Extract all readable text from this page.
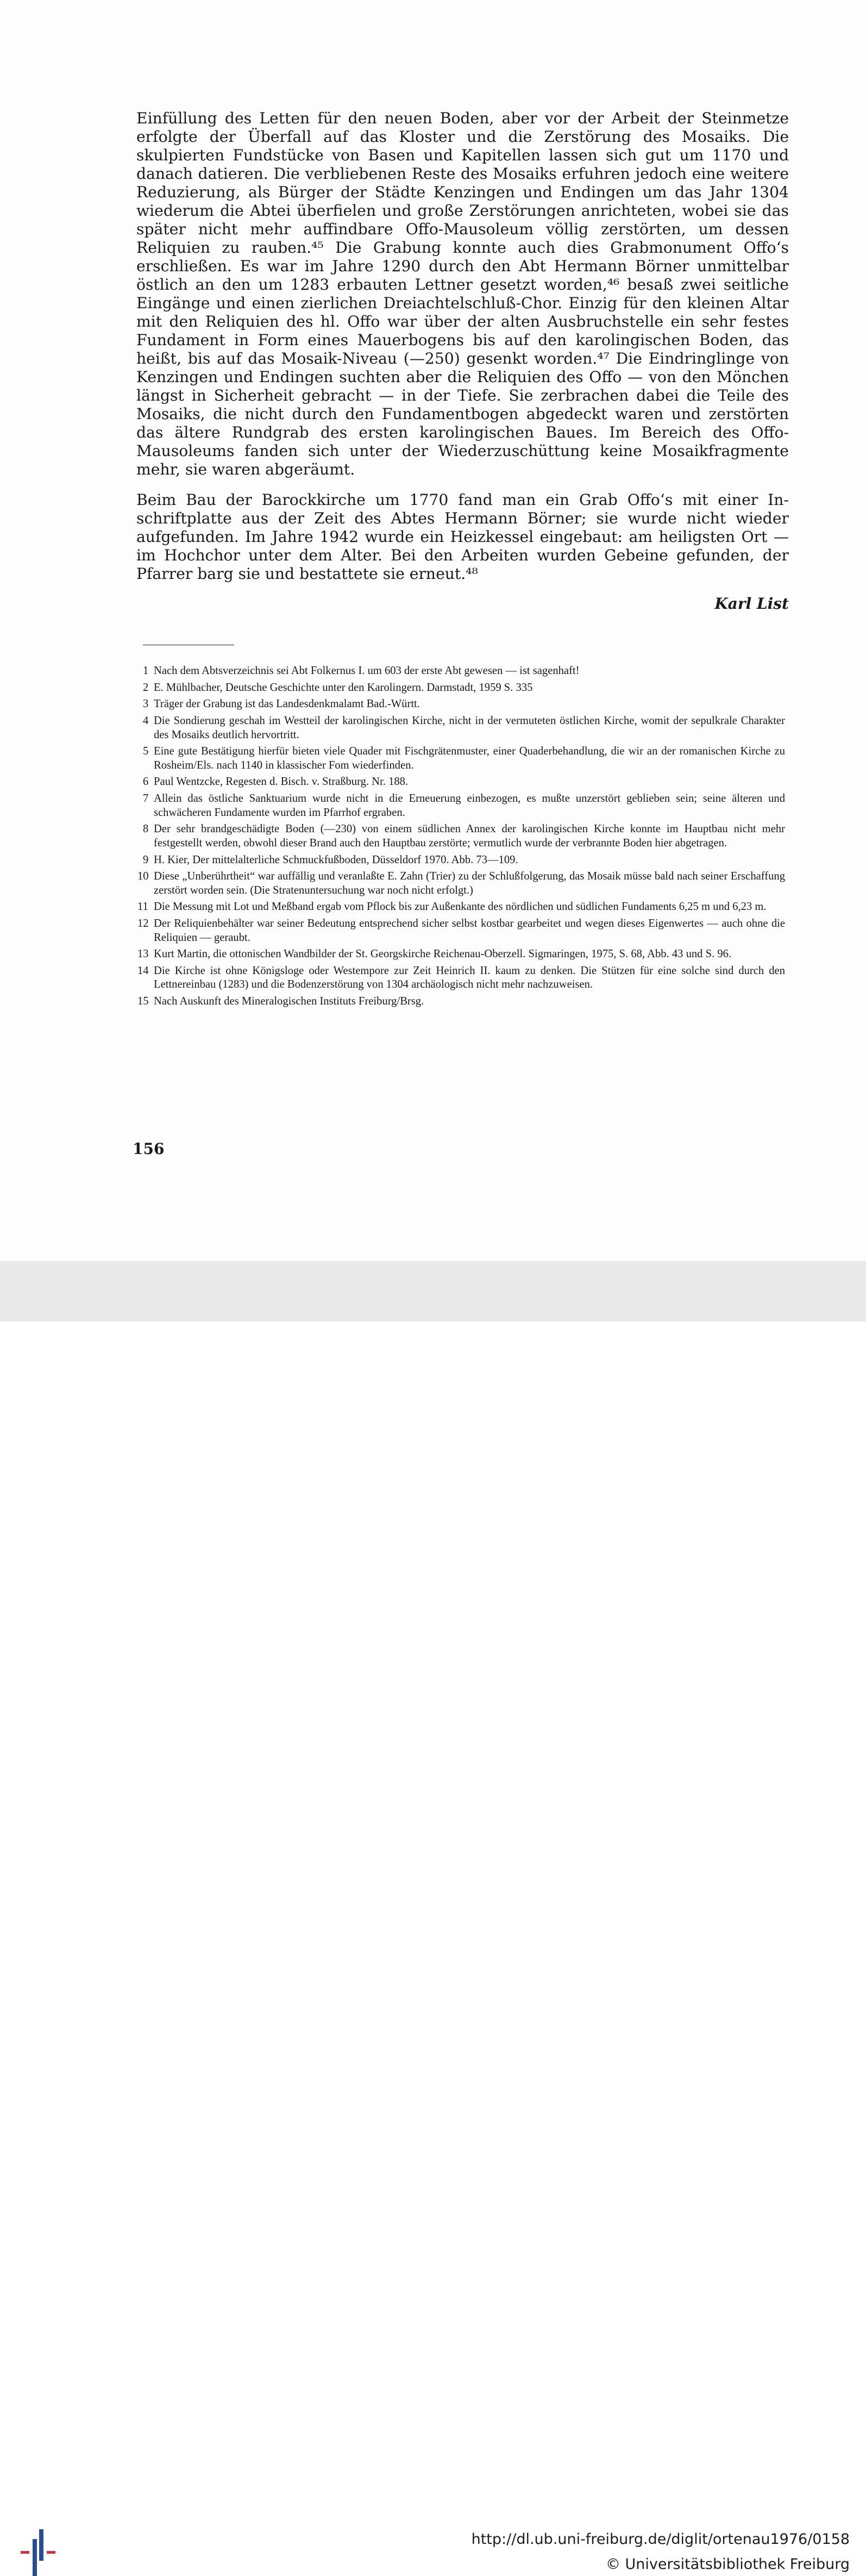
Einfüllung des Letten für den neuen Boden, aber vor der Arbeit der Steinmetze erfolgte der Überfall auf das Kloster und die Zerstörung des Mosaiks. Die skulpierten Fundstücke von Basen und Kapitellen lassen sich gut um 1170 und danach datieren. Die verbliebenen Reste des Mosaiks erfuhren jedoch eine weitere Reduzierung, als Bürger der Städte Kenzingen und Endingen um das Jahr 1304 wiederum die Abtei überfielen und große Zerstörungen anrichteten, wobei sie das später nicht mehr auffindbare Offo-Mausoleum völlig zerstörten, um dessen Reliquien zu rauben.⁴⁵ Die Grabung konnte auch dies Grabmonument Offo‘s erschließen. Es war im Jahre 1290 durch den Abt Hermann Börner unmittelbar östlich an den um 1283 erbauten Lettner gesetzt worden,⁴⁶ besaß zwei seitliche Eingänge und einen zierlichen Dreiachtelschluß-Chor. Einzig für den kleinen Altar mit den Reliquien des hl. Offo war über der alten Ausbruchstelle ein sehr festes Fundament in Form eines Mauerbogens bis auf den karolingischen Boden, das heißt, bis auf das Mosaik-Niveau (—250) gesenkt worden.⁴⁷ Die Eindringlinge von Kenzingen und Endingen suchten aber die Reliquien des Offo — von den Mönchen längst in Sicherheit gebracht — in der Tiefe. Sie zerbrachen dabei die Teile des Mosaiks, die nicht durch den Fundamentbogen abgedeckt waren und zerstörten das ältere Rundgrab des ersten karolingischen Baues. Im Bereich des Offo-Mausoleums fanden sich unter der Wiederzuschüttung keine Mosaikfragmente mehr, sie waren abgeräumt.

Beim Bau der Barockkirche um 1770 fand man ein Grab Offo‘s mit einer Inschriftplatte aus der Zeit des Abtes Hermann Börner; sie wurde nicht wieder aufgefunden. Im Jahre 1942 wurde ein Heizkessel eingebaut: am heiligsten Ort — im Hochchor unter dem Alter. Bei den Arbeiten wurden Gebeine gefunden, der Pfarrer barg sie und bestattete sie erneut.⁴⁸

Karl List
1 Nach dem Abtsverzeichnis sei Abt Folkernus I. um 603 der erste Abt gewesen — ist sagenhaft!
2 E. Mühlbacher, Deutsche Geschichte unter den Karolingern. Darmstadt, 1959 S. 335
3 Träger der Grabung ist das Landesdenkmalamt Bad.-Württ.
4 Die Sondierung geschah im Westteil der karolingischen Kirche, nicht in der vermuteten östlichen Kirche, womit der sepulkrale Charakter des Mosaiks deutlich hervortritt.
5 Eine gute Bestätigung hierfür bieten viele Quader mit Fischgrätenmuster, einer Quaderbehandlung, die wir an der romanischen Kirche zu Rosheim/Els. nach 1140 in klassischer Fom wiederfinden.
6 Paul Wentzcke, Regesten d. Bisch. v. Straßburg. Nr. 188.
7 Allein das östliche Sanktuarium wurde nicht in die Erneuerung einbezogen, es mußte unzerstört geblieben sein; seine älteren und schwächeren Fundamente wurden im Pfarrhof ergraben.
8 Der sehr brandgeschädigte Boden (—230) von einem südlichen Annex der karolingischen Kirche konnte im Hauptbau nicht mehr festgestellt werden, obwohl dieser Brand auch den Hauptbau zerstörte; vermutlich wurde der verbrannte Boden hier abgetragen.
9 H. Kier, Der mittelalterliche Schmuckfußboden, Düsseldorf 1970. Abb. 73—109.
10 Diese „Unberührtheit“ war auffällig und veranlaßte E. Zahn (Trier) zu der Schlußfolgerung, das Mosaik müsse bald nach seiner Erschaffung zerstört worden sein. (Die Stratenuntersuchung war noch nicht erfolgt.)
11 Die Messung mit Lot und Meßband ergab vom Pflock bis zur Außenkante des nördlichen und südlichen Fundaments 6,25 m und 6,23 m.
12 Der Reliquienbehälter war seiner Bedeutung entsprechend sicher selbst kostbar gearbeitet und wegen dieses Eigenwertes — auch ohne die Reliquien — geraubt.
13 Kurt Martin, die ottonischen Wandbilder der St. Georgskirche Reichenau-Oberzell. Sigmaringen, 1975, S. 68, Abb. 43 und S. 96.
14 Die Kirche ist ohne Königsloge oder Westempore zur Zeit Heinrich II. kaum zu denken. Die Stützen für eine solche sind durch den Lettnereinbau (1283) und die Bodenzerstörung von 1304 archäologisch nicht mehr nachzuweisen.
15 Nach Auskunft des Mineralogischen Instituts Freiburg/Brsg.
156
http://dl.ub.uni-freiburg.de/diglit/ortenau1976/0158
© Universitätsbibliothek Freiburg
